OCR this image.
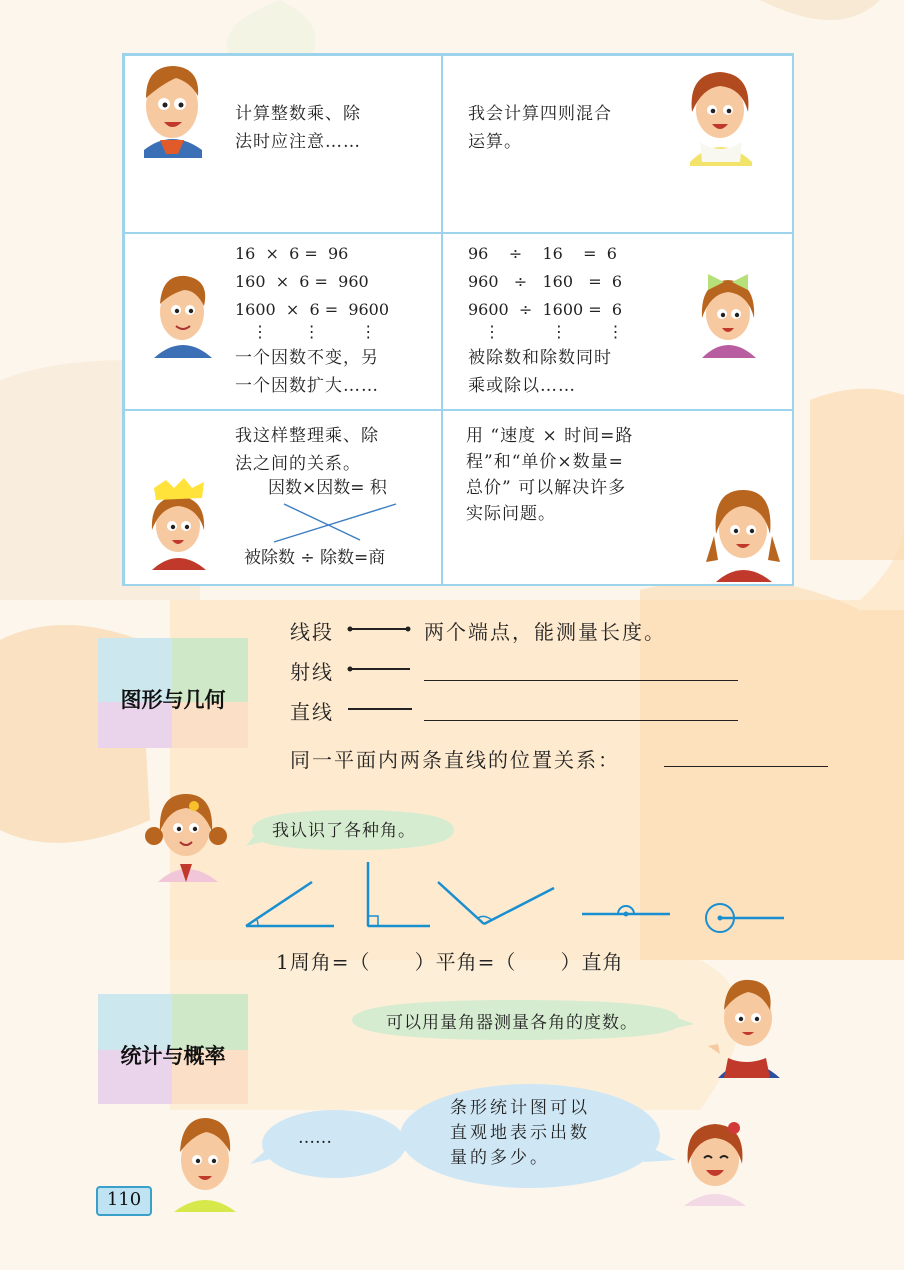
计算整数乘、除
法时应注意……
我会计算四则混合
运算。
16  ×  6 =  96
160  ×  6 =  960
1600  ×  6 =  9600
⋮       ⋮        ⋮
一个因数不变，另
一个因数扩大……
96    ÷    16    =  6
960   ÷   160   =  6
9600  ÷  1600 =  6
⋮          ⋮        ⋮
被除数和除数同时
乘或除以……
我这样整理乘、除
法之间的关系。
因数×因数= 积
被除数 ÷ 除数=商
用 “速度 × 时间=路
程”和“单价×数量=
总价” 可以解决许多
实际问题。
图形与几何
线段	两个端点，能测量长度。
射线
直线
同一平面内两条直线的位置关系：
我认识了各种角。
1周角=（      ）平角=（      ）直角
统计与概率
可以用量角器测量各角的度数。
……
条形统计图可以
直观地表示出数
量的多少。
110
